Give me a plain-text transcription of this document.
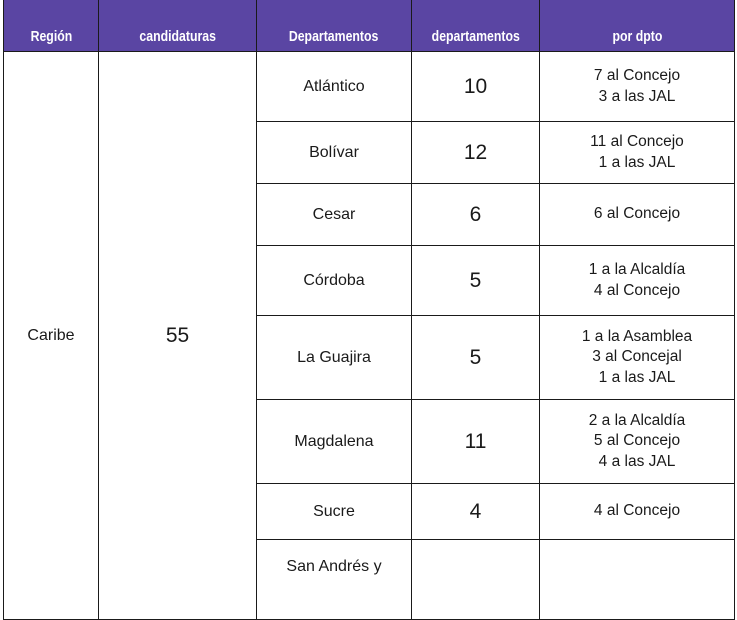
Región	candidaturas	Departamentos	departamentos	por dpto
Caribe	55	Atlántico	10	7 al Concejo
3 a las JAL

		Bolívar	12	11 al Concejo
1 a las JAL

		Cesar	6	6 al Concejo

		Córdoba	5	1 a la Alcaldía
4 al Concejo

		La Guajira	5	1 a la Asamblea
3 al Concejal
1 a las JAL

		Magdalena	11	2 a la Alcaldía
5 al Concejo
4 a las JAL

		Sucre	4	4 al Concejo

		San Andrés y		
